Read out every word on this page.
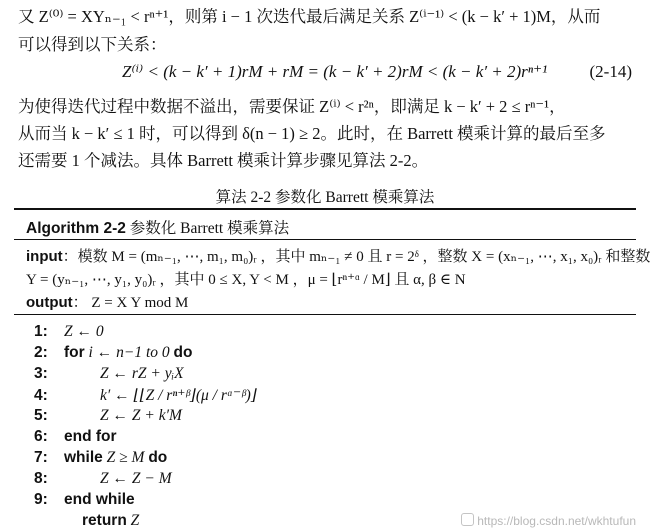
又 Z⁽⁰⁾ = XYₙ₋₁ < rⁿ⁺¹，则第 i − 1 次迭代最后满足关系 Z⁽ⁱ⁻¹⁾ < (k − k′ + 1)M，从而
可以得到以下关系：
Z⁽ⁱ⁾ < (k − k′ + 1)rM + rM = (k − k′ + 2)rM < (k − k′ + 2)rⁿ⁺¹ (2-14)
为使得迭代过程中数据不溢出，需要保证 Z⁽ⁱ⁾ < r²ⁿ，即满足 k − k′ + 2 ≤ rⁿ⁻¹，
从而当 k − k′ ≤ 1 时，可以得到 δ(n − 1) ≥ 2。此时，在 Barrett 模乘计算的最后至多
还需要 1 个减法。具体 Barrett 模乘计算步骤见算法 2-2。
算法 2-2 参数化 Barrett 模乘算法
Algorithm 2-2 参数化 Barrett 模乘算法
input：模数 M = (mₙ₋₁, ⋯, m₁, m₀)ᵣ ，其中 mₙ₋₁ ≠ 0 且 r = 2ᵟ ，整数 X = (xₙ₋₁, ⋯, x₁, x₀)ᵣ 和整数
Y = (yₙ₋₁, ⋯, y₁, y₀)ᵣ ，其中 0 ≤ X, Y < M ，μ = ⌊rⁿ⁺ᵅ / M⌋ 且 α, β ∈ N
output： Z = X Y mod M
1: Z ← 0
2: for i ← n−1 to 0 do
3:	Z ← rZ + yᵢX
4:	k′ ← ⌊⌊Z / rⁿ⁺ᵝ⌋(μ / rᵅ⁻ᵝ)⌋
5:	Z ← Z + k′M
6: end for
7: while Z ≥ M do
8:	Z ← Z − M
9: end while
return Z	https://blog.csdn.net/wkhtufun
